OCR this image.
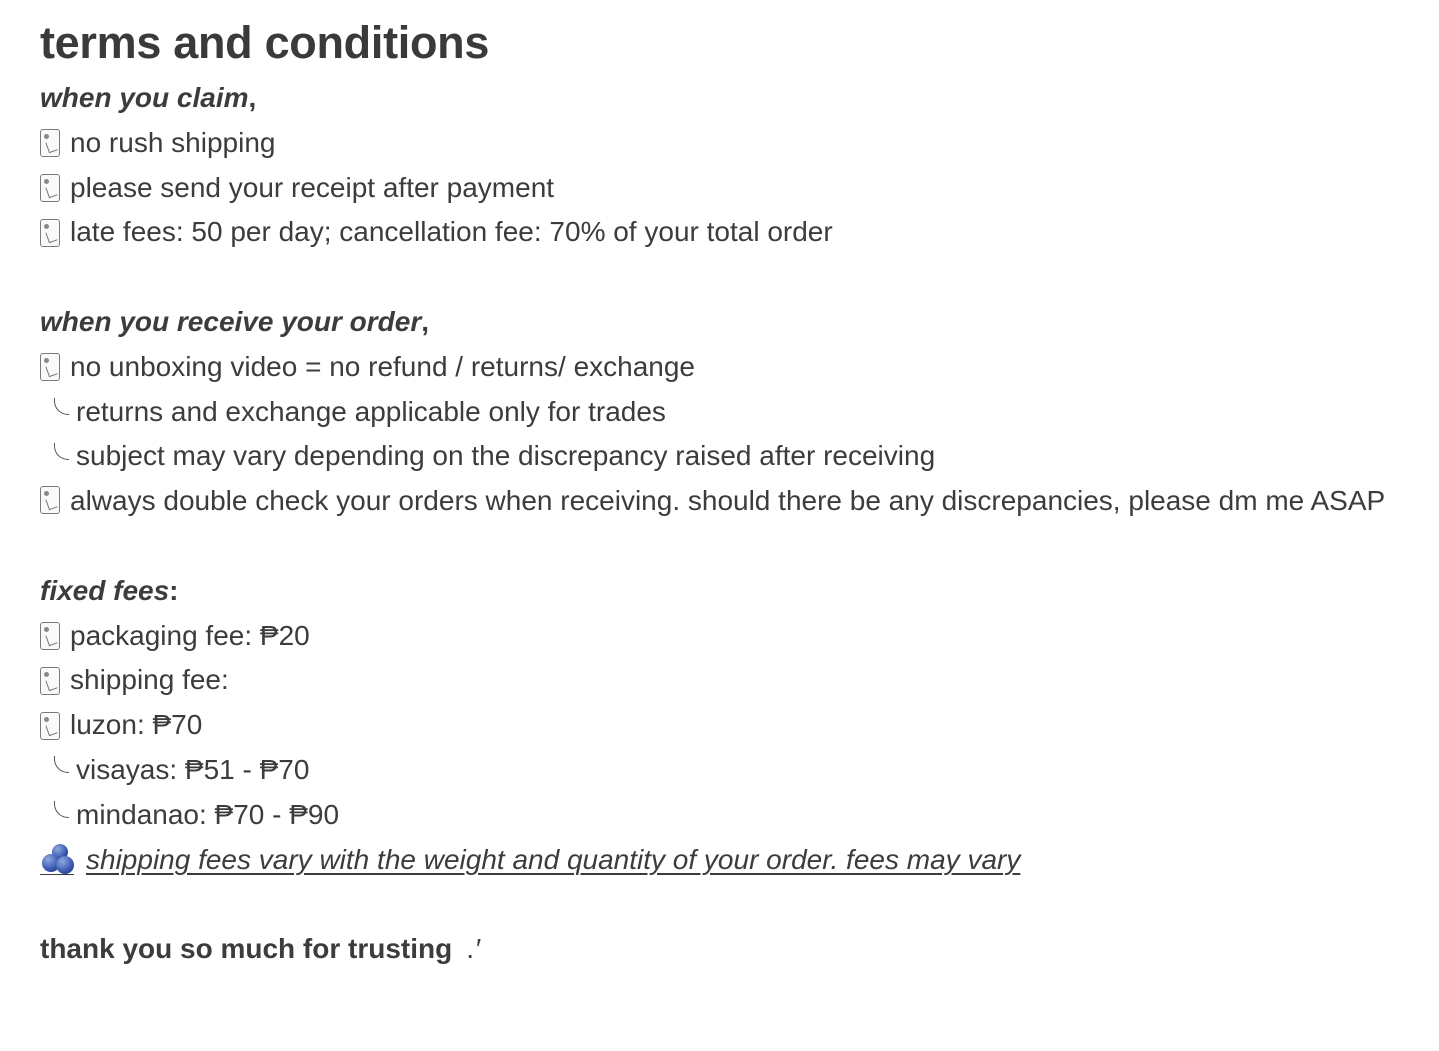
terms and conditions
when you claim ,
no rush shipping
please send your receipt after payment
late fees: 50 per day; cancellation fee: 70% of your total order
when you receive your order ,
no unboxing video = no refund / returns/ exchange
returns and exchange applicable only for trades
subject may vary depending on the discrepancy raised after receiving
always double check your orders when receiving. should there be any discrepancies, please dm me ASAP
fixed fees :
packaging fee: ₱20
shipping fee:
luzon: ₱70
visayas: ₱51 - ₱70
mindanao: ₱70 - ₱90
shipping fees vary with the weight and quantity of your order. fees may vary
thank you so much for trusting .′
